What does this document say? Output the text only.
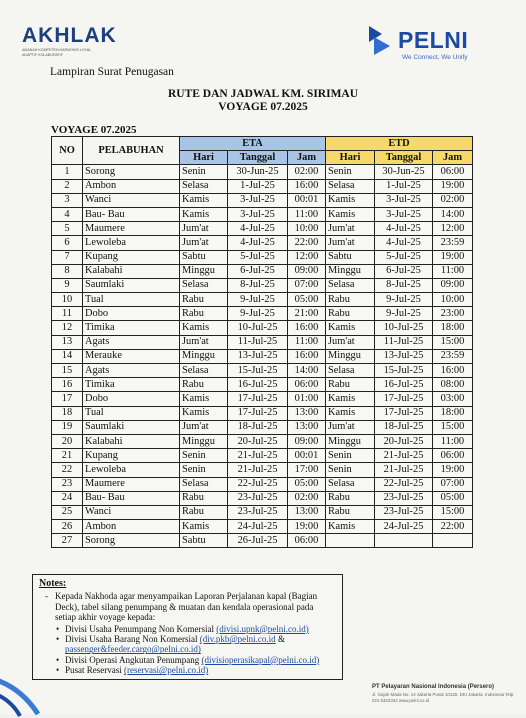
AKHLAK
AMANAH KOMPETEN HARMONIS LOYAL ADAPTIF KOLABORATIF
PELNI
We Connect, We Unify
Lampiran Surat Penugasan
RUTE DAN JADWAL KM. SIRIMAU
VOYAGE 07.2025
VOYAGE 07.2025
NO	PELABUHAN	ETA			ETD		
		Hari	Tanggal	Jam	Hari	Tanggal	Jam
1	Sorong	Senin	30-Jun-25	02:00	Senin	30-Jun-25	06:00
2	Ambon	Selasa	1-Jul-25	16:00	Selasa	1-Jul-25	19:00
3	Wanci	Kamis	3-Jul-25	00:01	Kamis	3-Jul-25	02:00
4	Bau- Bau	Kamis	3-Jul-25	11:00	Kamis	3-Jul-25	14:00
5	Maumere	Jum'at	4-Jul-25	10:00	Jum'at	4-Jul-25	12:00
6	Lewoleba	Jum'at	4-Jul-25	22:00	Jum'at	4-Jul-25	23:59
7	Kupang	Sabtu	5-Jul-25	12:00	Sabtu	5-Jul-25	19:00
8	Kalabahi	Minggu	6-Jul-25	09:00	Minggu	6-Jul-25	11:00
9	Saumlaki	Selasa	8-Jul-25	07:00	Selasa	8-Jul-25	09:00
10	Tual	Rabu	9-Jul-25	05:00	Rabu	9-Jul-25	10:00
11	Dobo	Rabu	9-Jul-25	21:00	Rabu	9-Jul-25	23:00
12	Timika	Kamis	10-Jul-25	16:00	Kamis	10-Jul-25	18:00
13	Agats	Jum'at	11-Jul-25	11:00	Jum'at	11-Jul-25	15:00
14	Merauke	Minggu	13-Jul-25	16:00	Minggu	13-Jul-25	23:59
15	Agats	Selasa	15-Jul-25	14:00	Selasa	15-Jul-25	16:00
16	Timika	Rabu	16-Jul-25	06:00	Rabu	16-Jul-25	08:00
17	Dobo	Kamis	17-Jul-25	01:00	Kamis	17-Jul-25	03:00
18	Tual	Kamis	17-Jul-25	13:00	Kamis	17-Jul-25	18:00
19	Saumlaki	Jum'at	18-Jul-25	13:00	Jum'at	18-Jul-25	15:00
20	Kalabahi	Minggu	20-Jul-25	09:00	Minggu	20-Jul-25	11:00
21	Kupang	Senin	21-Jul-25	00:01	Senin	21-Jul-25	06:00
22	Lewoleba	Senin	21-Jul-25	17:00	Senin	21-Jul-25	19:00
23	Maumere	Selasa	22-Jul-25	05:00	Selasa	22-Jul-25	07:00
24	Bau- Bau	Rabu	23-Jul-25	02:00	Rabu	23-Jul-25	05:00
25	Wanci	Rabu	23-Jul-25	13:00	Rabu	23-Jul-25	15:00
26	Ambon	Kamis	24-Jul-25	19:00	Kamis	24-Jul-25	22:00
27	Sorong	Sabtu	26-Jul-25	06:00			
Notes:
- Kepada Nakhoda agar menyampaikan Laporan Perjalanan kapal (Bagian Deck), tabel silang penumpang & muatan dan kendala operasional pada setiap akhir voyage kepada:
• Divisi Usaha Penumpang Non Komersial (divisi.upnk@pelni.co.id)
• Divisi Usaha Barang Non Komersial (div.pkb@pelni.co.id & passenger&feeder.cargo@pelni.co.id)
• Divisi Operasi Angkutan Penumpang (divisioperasikapal@pelni.co.id)
• Pusat Reservasi (reservasi@pelni.co.id)
PT Pelayaran Nasional Indonesia (Persero)
Jl. Gajah Mada No. 14 Jakarta Pusat 10130, DKI Jakarta, Indonesia Telp. 021 6334342 www.pelni.co.id
